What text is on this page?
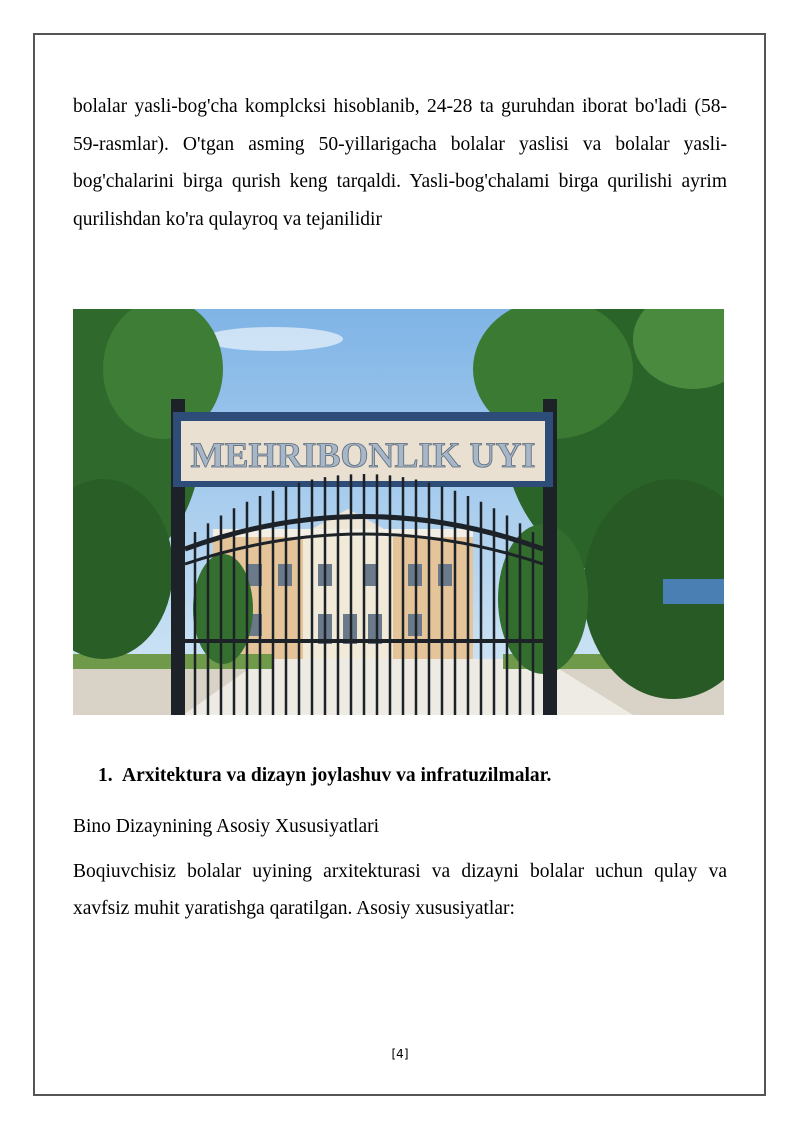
bolalar yasli-bog'cha komplcksi hisoblanib, 24-28 ta guruhdan iborat bo'ladi (58- 59-rasmlar). O'tgan asming 50-yillarigacha bolalar yaslisi va bolalar yasli-bog'chalarini birga qurish keng tarqaldi. Yasli-bog'chalami birga qurilishi ayrim qurilishdan ko'ra qulayroq va tejanilidir

MEHRIBONLIK UYI

1. Arxitektura va dizayn joylashuv va infratuzilmalar.

Bino Dizaynining Asosiy Xususiyatlari

Boqiuvchisiz bolalar uyining arxitekturasi va dizayni bolalar uchun qulay va xavfsiz muhit yaratishga qaratilgan. Asosiy xususiyatlar:

[4]
